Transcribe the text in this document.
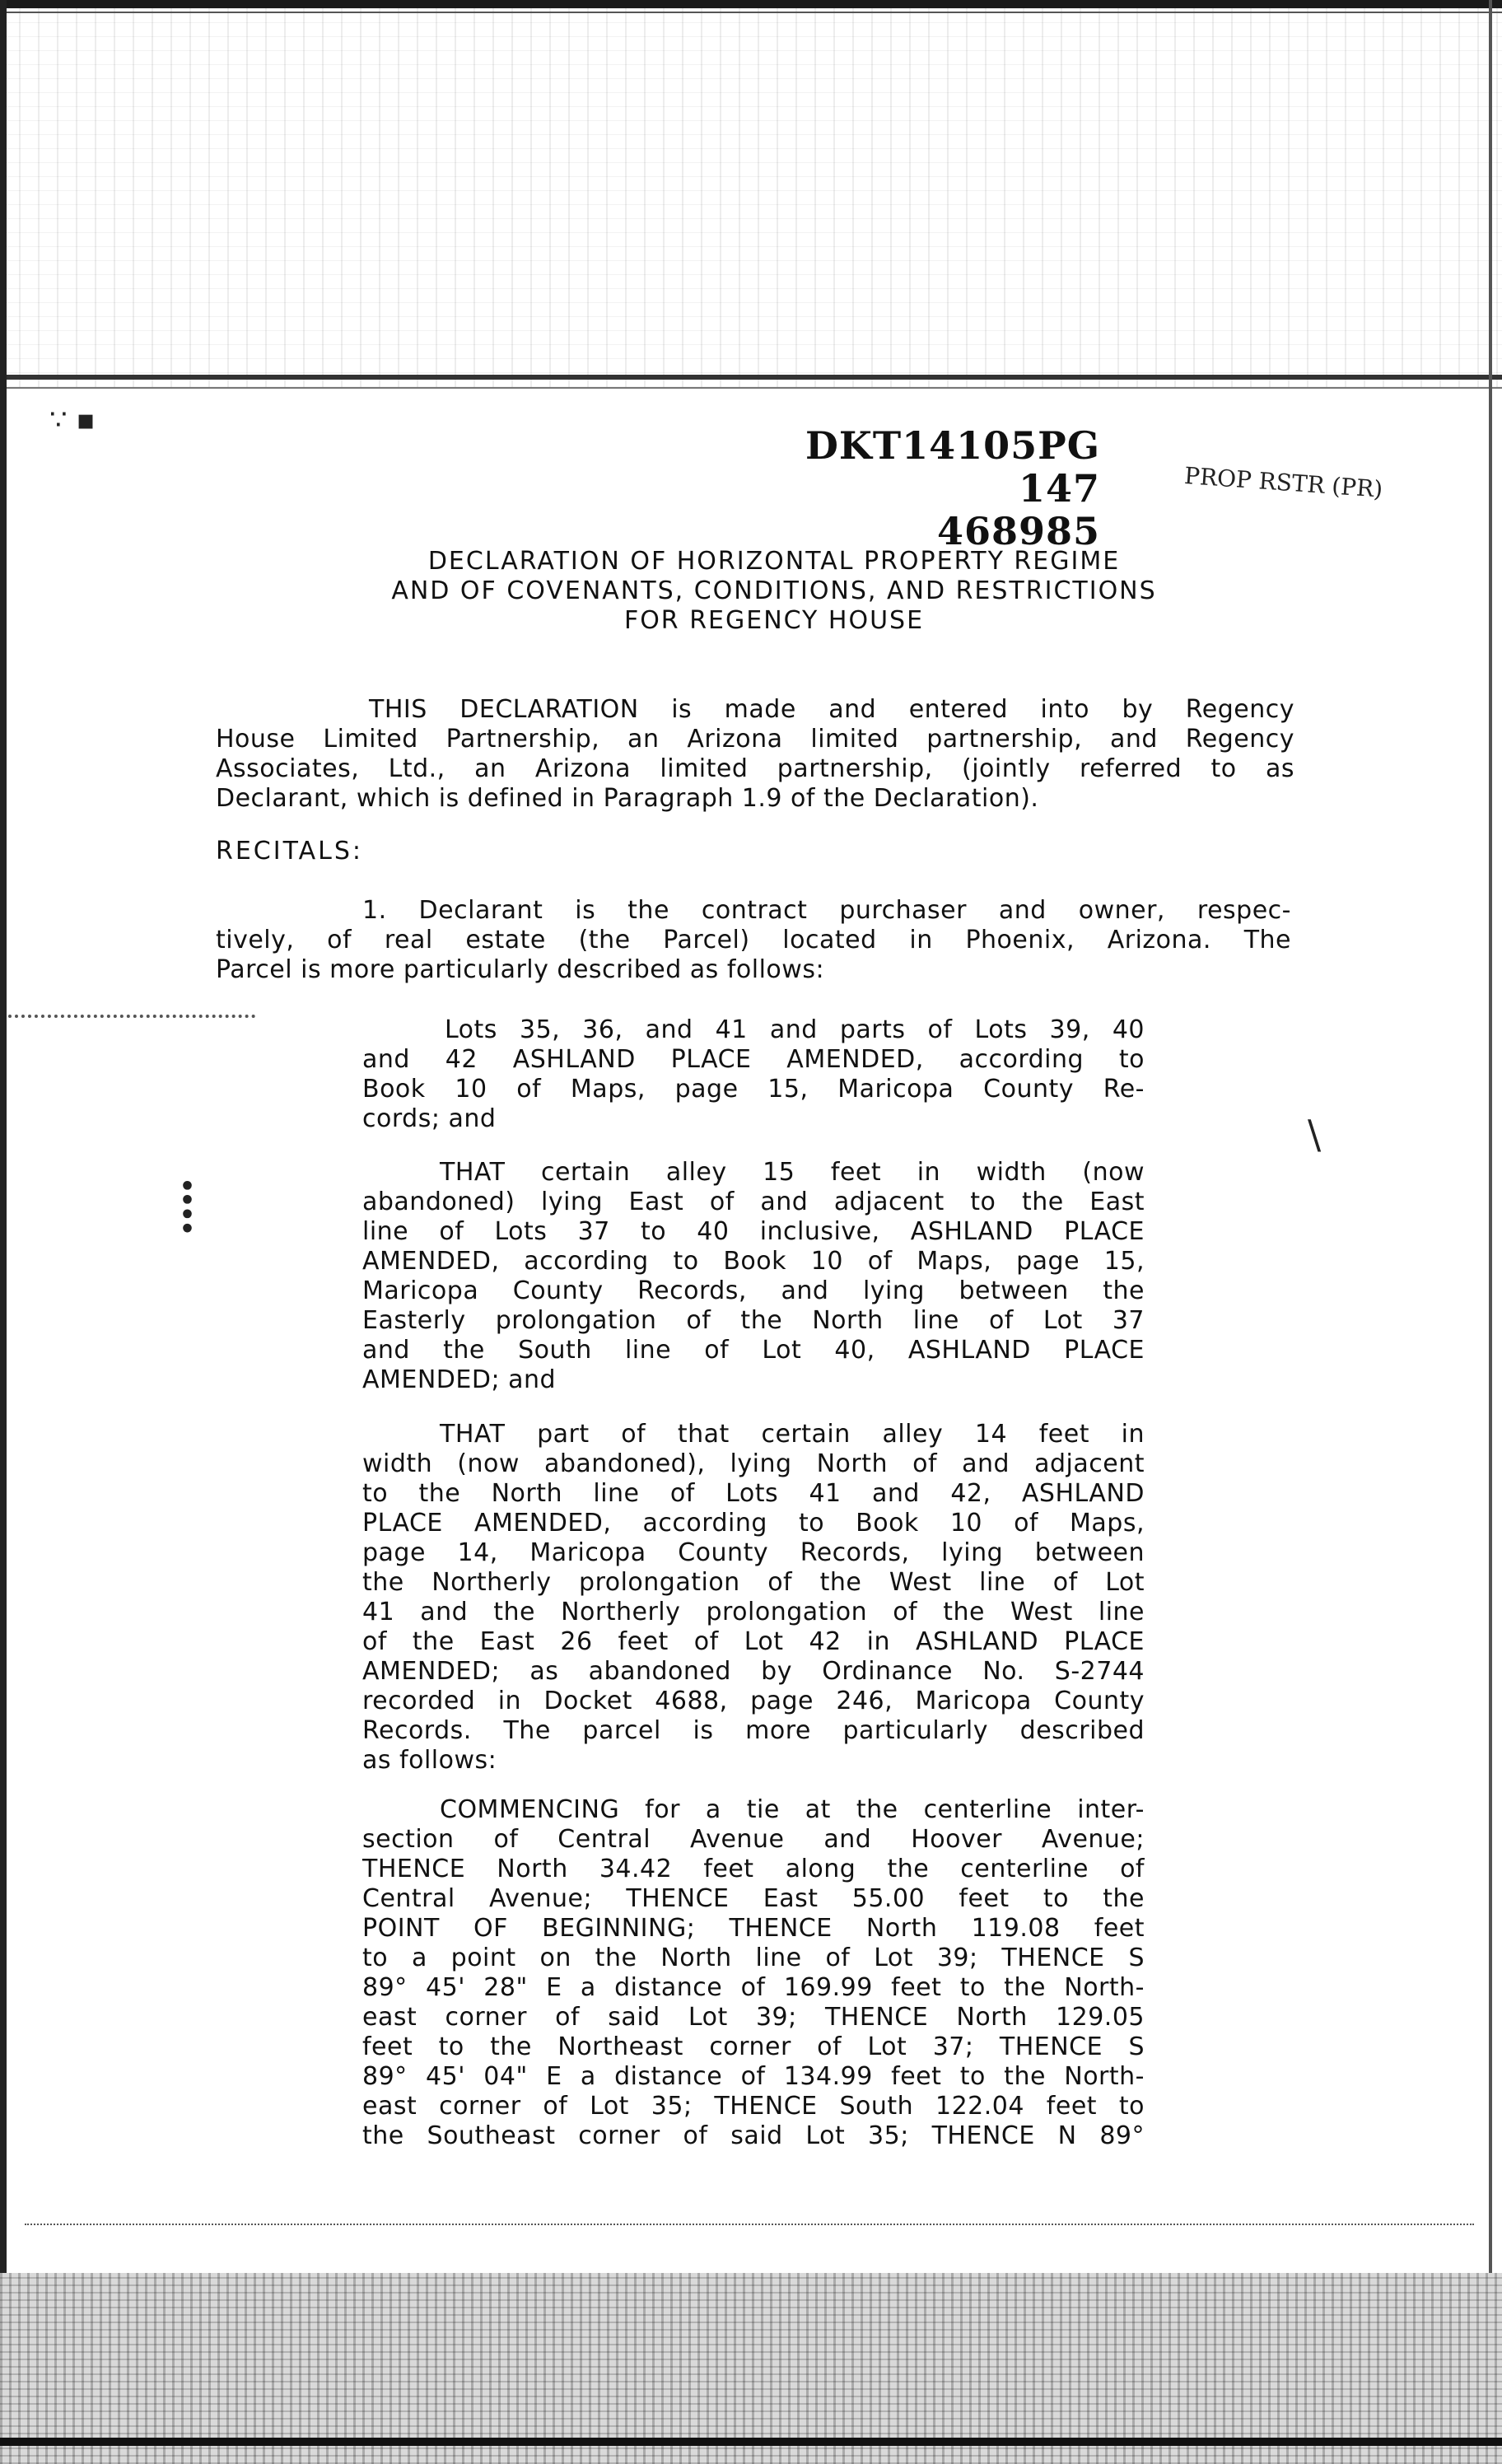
⁞
\
∵ ▪
DKT14105PG 147
468985
PROP RSTR (PR)
DECLARATION OF HORIZONTAL PROPERTY REGIME
AND OF COVENANTS, CONDITIONS, AND RESTRICTIONS
FOR REGENCY HOUSE
THIS DECLARATION is made and entered into by Regency
House Limited Partnership, an Arizona limited partnership, and Regency
Associates, Ltd., an Arizona limited partnership, (jointly referred to as
Declarant, which is defined in Paragraph 1.9 of the Declaration).
RECITALS:
1. Declarant is the contract purchaser and owner, respec-
tively, of real estate (the Parcel) located in Phoenix, Arizona. The
Parcel is more particularly described as follows:
Lots 35, 36, and 41 and parts of Lots 39, 40
and 42 ASHLAND PLACE AMENDED, according to
Book 10 of Maps, page 15, Maricopa County Re-
cords; and
THAT certain alley 15 feet in width (now
abandoned) lying East of and adjacent to the East
line of Lots 37 to 40 inclusive, ASHLAND PLACE
AMENDED, according to Book 10 of Maps, page 15,
Maricopa County Records, and lying between the
Easterly prolongation of the North line of Lot 37
and the South line of Lot 40, ASHLAND PLACE
AMENDED; and
THAT part of that certain alley 14 feet in
width (now abandoned), lying North of and adjacent
to the North line of Lots 41 and 42, ASHLAND
PLACE AMENDED, according to Book 10 of Maps,
page 14, Maricopa County Records, lying between
the Northerly prolongation of the West line of Lot
41 and the Northerly prolongation of the West line
of the East 26 feet of Lot 42 in ASHLAND PLACE
AMENDED; as abandoned by Ordinance No. S-2744
recorded in Docket 4688, page 246, Maricopa County
Records. The parcel is more particularly described
as follows:
COMMENCING for a tie at the centerline inter-
section of Central Avenue and Hoover Avenue;
THENCE North 34.42 feet along the centerline of
Central Avenue; THENCE East 55.00 feet to the
POINT OF BEGINNING; THENCE North 119.08 feet
to a point on the North line of Lot 39; THENCE S
89° 45' 28" E a distance of 169.99 feet to the North-
east corner of said Lot 39; THENCE North 129.05
feet to the Northeast corner of Lot 37; THENCE S
89° 45' 04" E a distance of 134.99 feet to the North-
east corner of Lot 35; THENCE South 122.04 feet to
the Southeast corner of said Lot 35; THENCE N 89°
